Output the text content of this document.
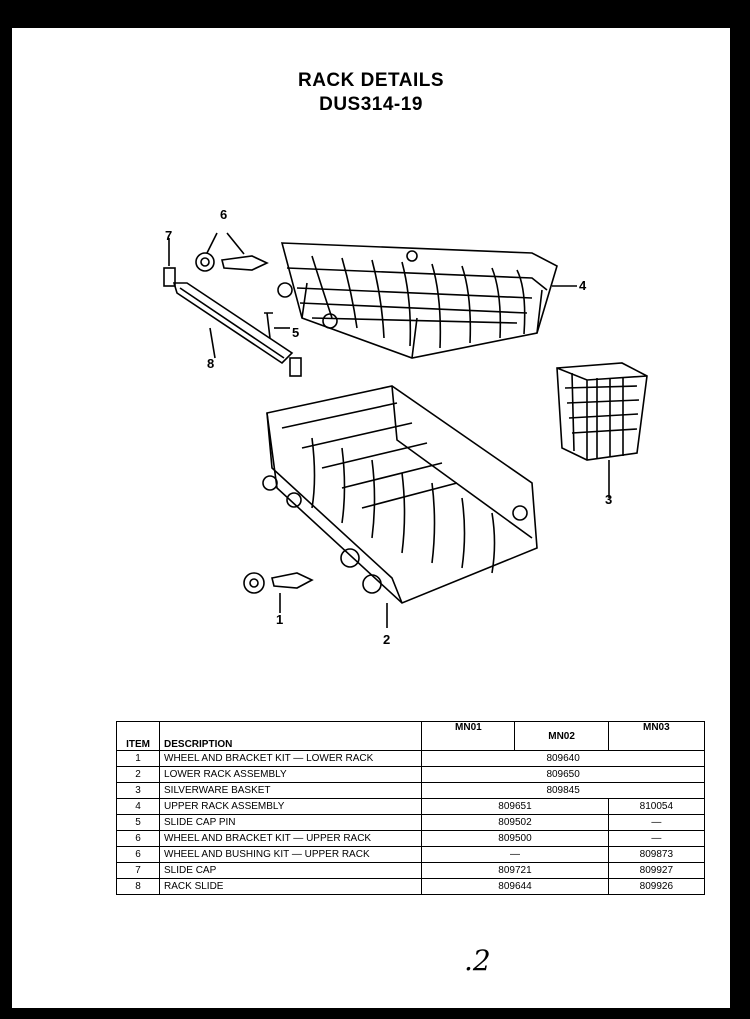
RACK DETAILS
DUS314-19
1
2
3
4
5
6
7
8
ITEM	DESCRIPTION	MN01	MN02	MN03
1	WHEEL AND BRACKET KIT — LOWER RACK	809640		
2	LOWER RACK ASSEMBLY	809650		
3	SILVERWARE BASKET	809845		
4	UPPER RACK ASSEMBLY	809651		810054
5	SLIDE CAP PIN	809502		—
6	WHEEL AND BRACKET KIT — UPPER RACK	809500		—
6	WHEEL AND BUSHING KIT — UPPER RACK	—		809873
7	SLIDE CAP	809721		809927
8	RACK SLIDE	809644		809926
.2
